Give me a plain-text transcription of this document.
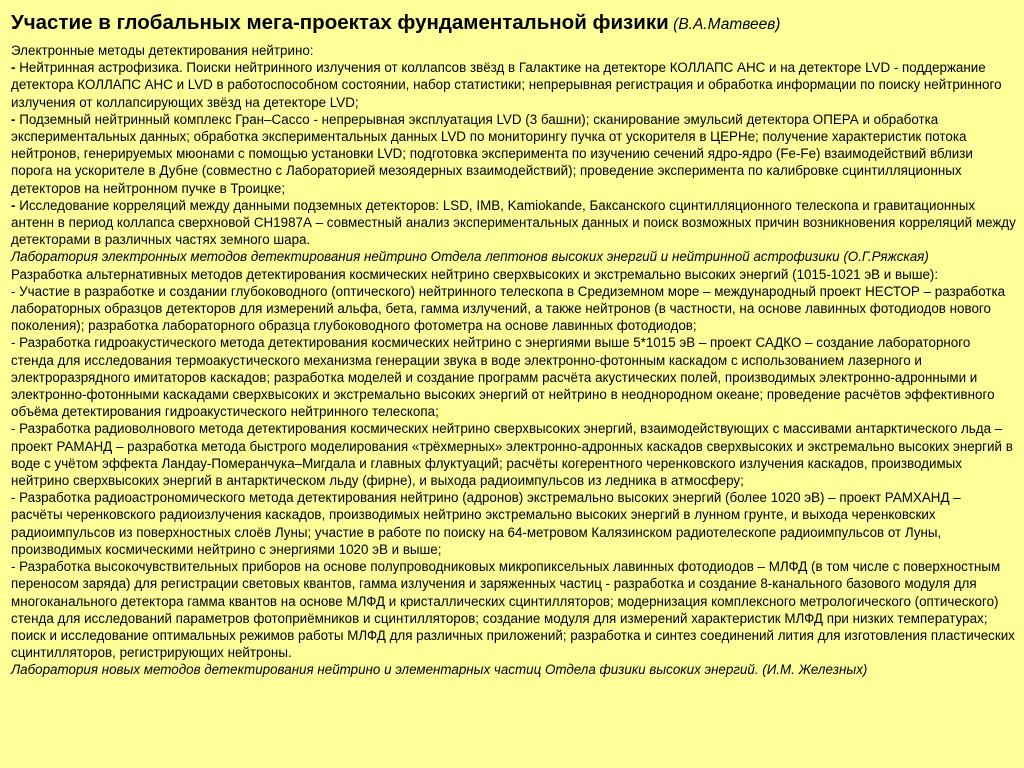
Участие в глобальных мега-проектах фундаментальной физики (В.А.Матвеев)

Электронные методы детектирования нейтрино:

- Нейтринная астрофизика. Поиски нейтринного излучения от коллапсов звёзд в Галактике на детекторе КОЛЛАПС АНС и на детекторе LVD - поддержание детектора КОЛЛАПС АНС и LVD в работоспособном состоянии, набор статистики; непрерывная регистрация и обработка информации по поиску нейтринного излучения от коллапсирующих звёзд на детекторе LVD;

- Подземный нейтринный комплекс Гран–Сассо - непрерывная эксплуатация LVD (3 башни); сканирование эмульсий детектора ОПЕРА и обработка экспериментальных данных; обработка экспериментальных данных LVD по мониторингу пучка от ускорителя в ЦЕРНе; получение характеристик потока нейтронов, генерируемых мюонами с помощью установки LVD; подготовка эксперимента по изучению сечений ядро-ядро (Fe-Fe) взаимодействий вблизи порога на ускорителе в Дубне (совместно с Лабораторией мезоядерных взаимодействий); проведение эксперимента по калибровке сцинтилляционных детекторов на нейтронном пучке в Троицке;

- Исследование корреляций между данными подземных детекторов: LSD, IMB, Kamiokande, Баксанского сцинтилляционного телескопа и гравитационных антенн в период коллапса сверхновой СН1987А – совместный анализ экспериментальных данных и поиск возможных причин возникновения корреляций между детекторами в различных частях земного шара.

Лаборатория электронных методов детектирования нейтрино Отдела лептонов высоких энергий и нейтринной астрофизики (О.Г.Ряжская)

Разработка альтернативных методов детектирования космических нейтрино сверхвысоких и экстремально высоких энергий (1015-1021 эВ и выше):

- Участие в разработке и создании глубоководного (оптического) нейтринного телескопа в Средиземном море – международный проект НЕСТОР – разработка лабораторных образцов детекторов для измерений альфа, бета, гамма излучений, а также нейтронов (в частности, на основе лавинных фотодиодов нового поколения); разработка лабораторного образца глубоководного фотометра на основе лавинных фотодиодов;

- Разработка гидроакустического метода детектирования космических нейтрино с энергиями выше 5*1015 эВ – проект САДКО – создание лабораторного стенда для исследования термоакустического механизма генерации звука в воде электронно-фотонным каскадом с использованием лазерного и электроразрядного имитаторов каскадов; разработка моделей и создание программ расчёта акустических полей, производимых электронно-адронными и электронно-фотонными каскадами сверхвысоких и экстремально высоких энергий от нейтрино в неоднородном океане; проведение расчётов эффективного объёма детектирования гидроакустического нейтринного телескопа;

- Разработка радиоволнового метода детектирования космических нейтрино сверхвысоких энергий, взаимодействующих с массивами антарктического льда – проект РАМАНД – разработка метода быстрого моделирования «трёхмерных» электронно-адронных каскадов сверхвысоких и экстремально высоких энергий в воде с учётом эффекта Ландау-Померанчука–Мигдала и главных флуктуаций; расчёты когерентного черенковского излучения каскадов, производимых нейтрино сверхвысоких энергий в антарктическом льду (фирне), и выхода радиоимпульсов из ледника в атмосферу;

- Разработка радиоастрономического метода детектирования нейтрино (адронов) экстремально высоких энергий (более 1020 эВ) – проект РАМХАНД – расчёты черенковского радиоизлучения каскадов, производимых нейтрино экстремально высоких энергий в лунном грунте, и выхода черенковских радиоимпульсов из поверхностных слоёв Луны; участие в работе по поиску на 64-метровом Калязинском радиотелескопе радиоимпульсов от Луны, производимых космическими нейтрино с энергиями 1020 эВ и выше;

- Разработка высокочувствительных приборов на основе полупроводниковых микропиксельных лавинных фотодиодов – МЛФД (в том числе с поверхностным переносом заряда) для регистрации световых квантов, гамма излучения и заряженных частиц - разработка и создание 8-канального базового модуля для многоканального детектора гамма квантов на основе МЛФД и кристаллических сцинтилляторов; модернизация комплексного метрологического (оптического) стенда для исследований параметров фотоприёмников и сцинтилляторов; создание модуля для измерений характеристик МЛФД при низких температурах; поиск и исследование оптимальных режимов работы МЛФД для различных приложений; разработка и синтез соединений лития для изготовления пластических сцинтилляторов, регистрирующих нейтроны.

Лаборатория новых методов детектирования нейтрино и элементарных частиц Отдела физики высоких энергий. (И.М. Железных)
